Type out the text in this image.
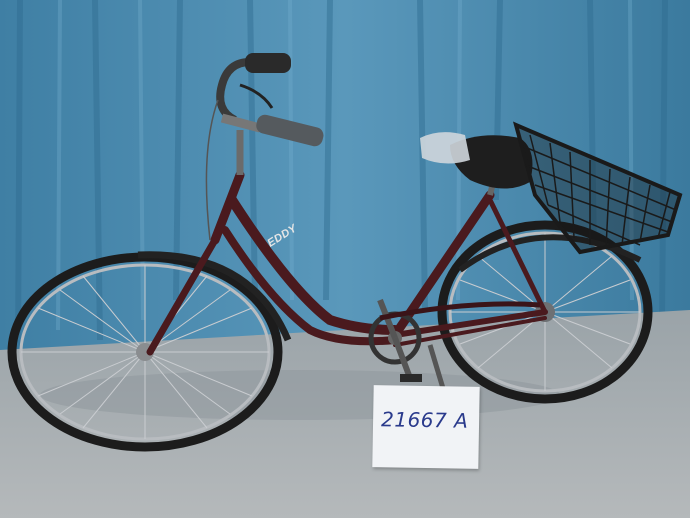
EDDY
21667 A
